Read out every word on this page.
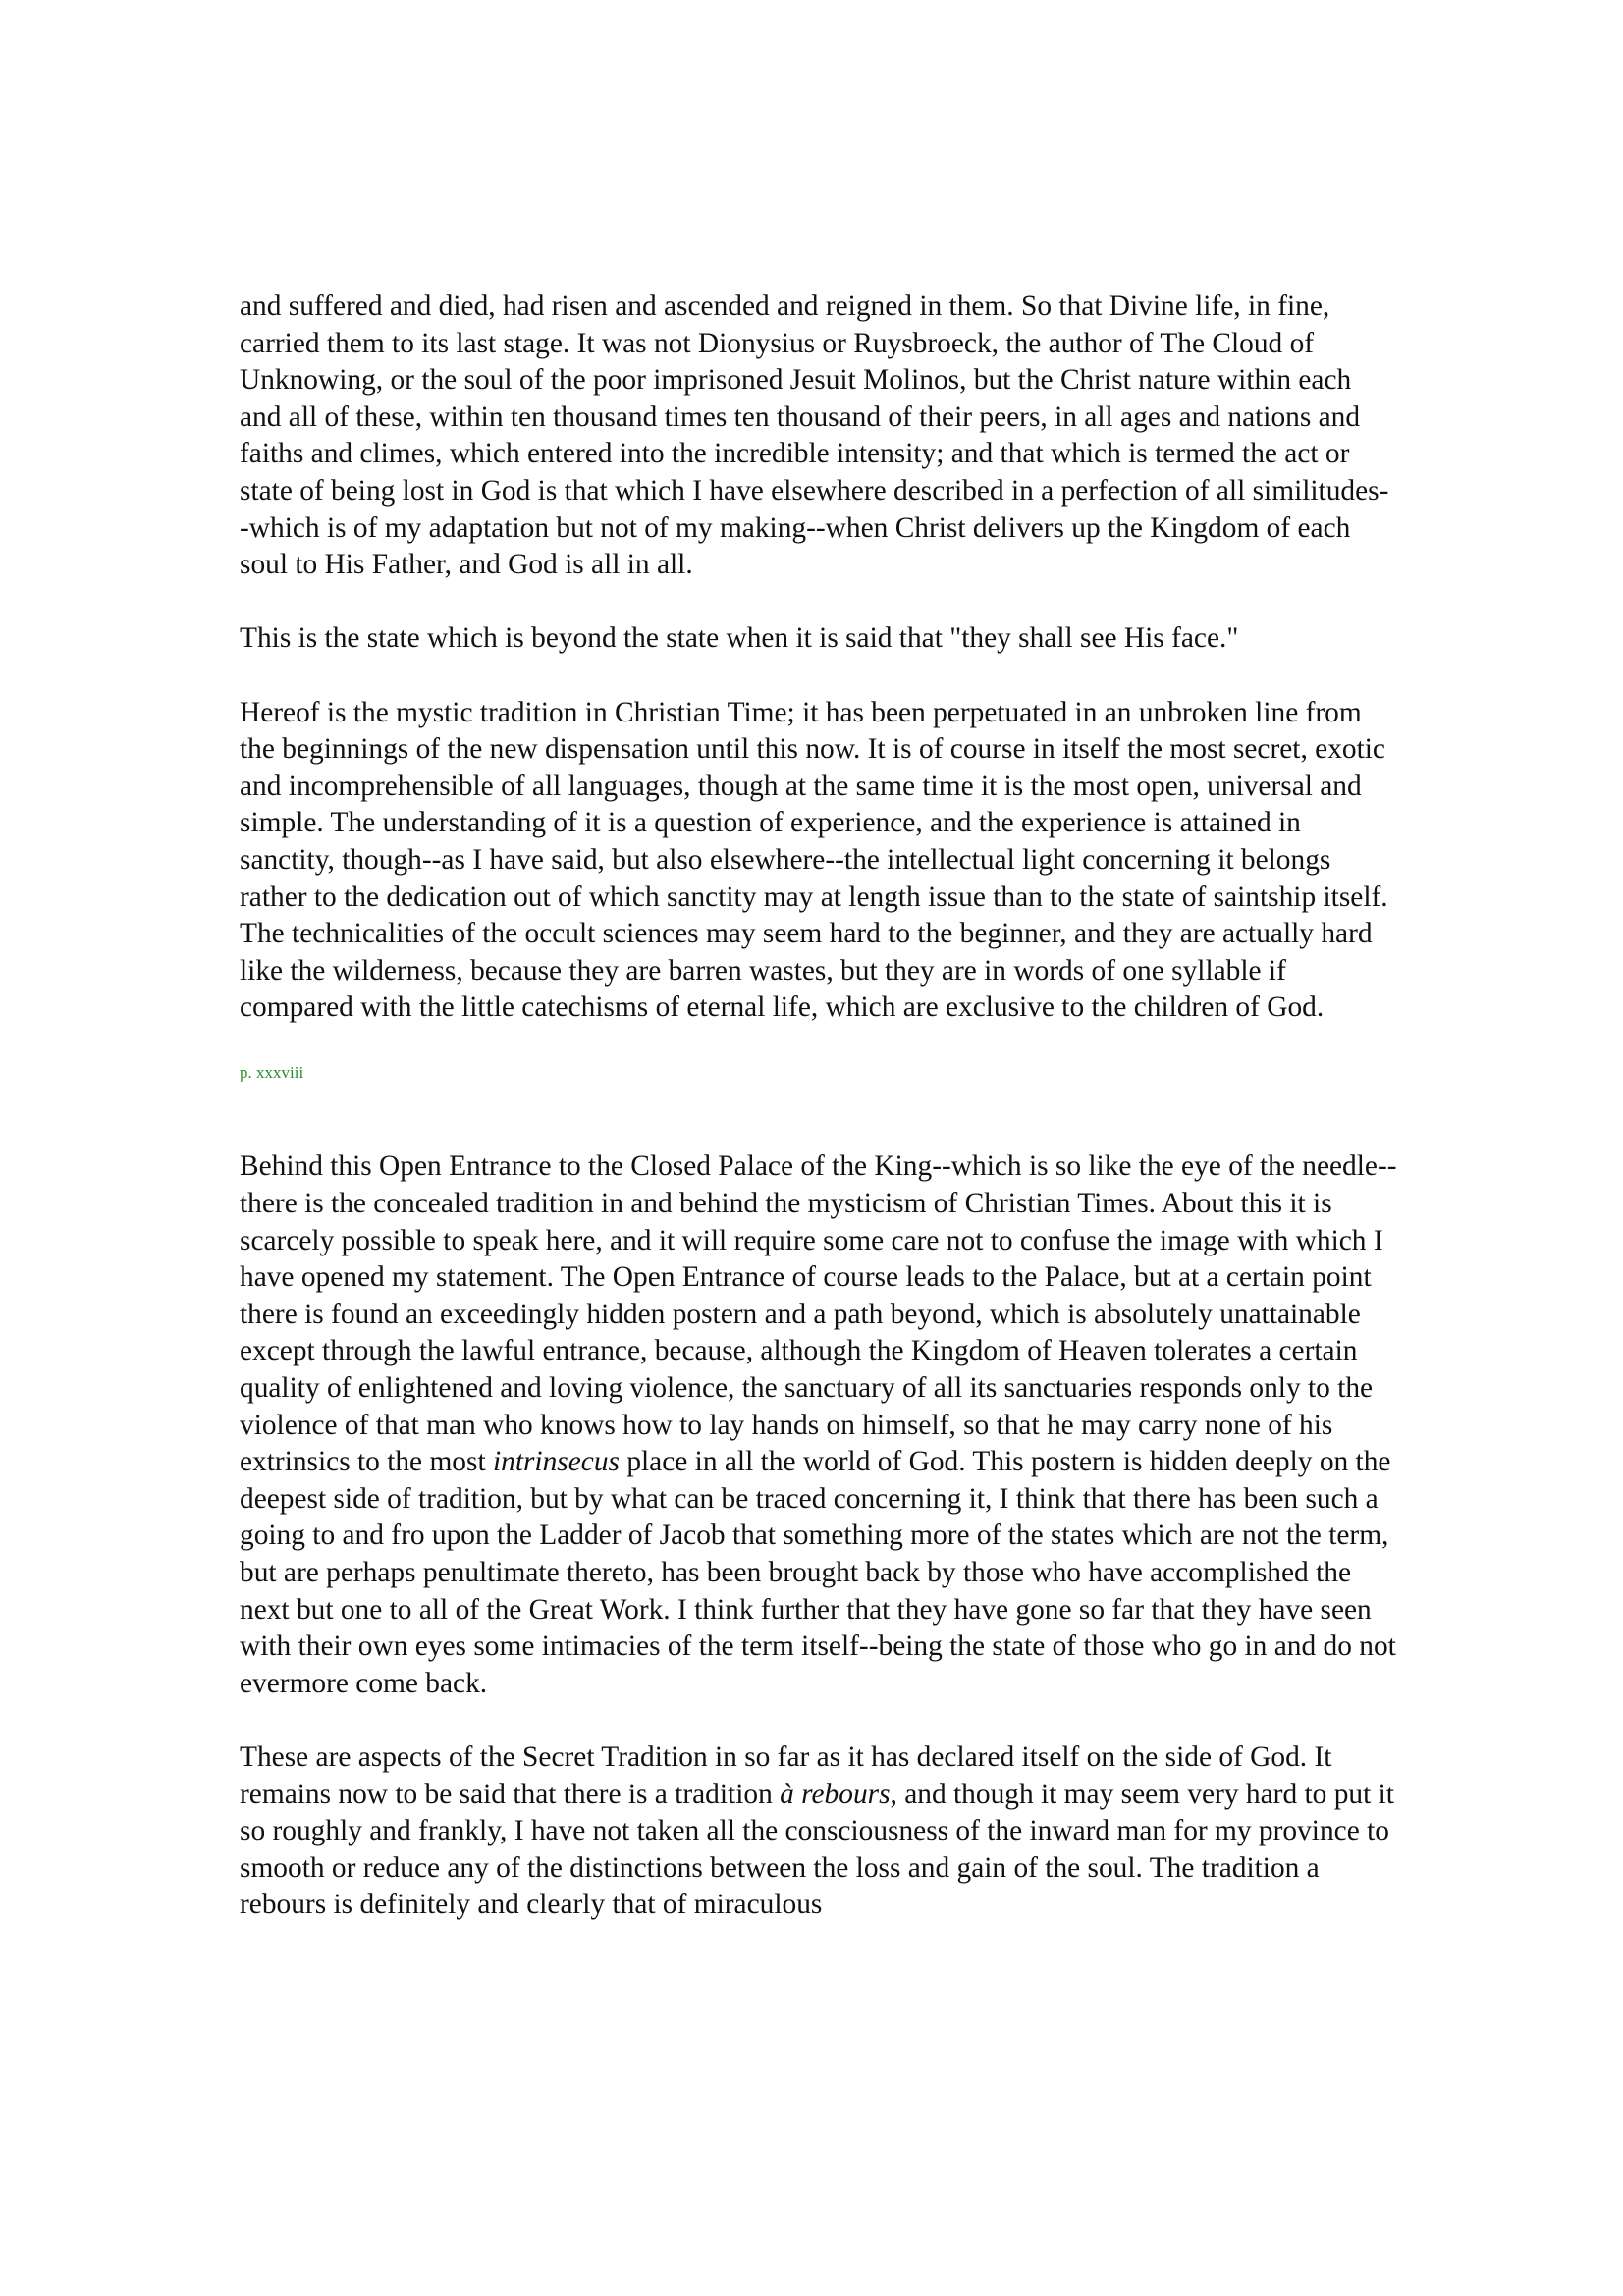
and suffered and died, had risen and ascended and reigned in them. So that Divine life, in fine, carried them to its last stage. It was not Dionysius or Ruysbroeck, the author of The Cloud of Unknowing, or the soul of the poor imprisoned Jesuit Molinos, but the Christ nature within each and all of these, within ten thousand times ten thousand of their peers, in all ages and nations and faiths and climes, which entered into the incredible intensity; and that which is termed the act or state of being lost in God is that which I have elsewhere described in a perfection of all similitudes--which is of my adaptation but not of my making--when Christ delivers up the Kingdom of each soul to His Father, and God is all in all.

This is the state which is beyond the state when it is said that "they shall see His face."

Hereof is the mystic tradition in Christian Time; it has been perpetuated in an unbroken line from the beginnings of the new dispensation until this now. It is of course in itself the most secret, exotic and incomprehensible of all languages, though at the same time it is the most open, universal and simple. The understanding of it is a question of experience, and the experience is attained in sanctity, though--as I have said, but also elsewhere--the intellectual light concerning it belongs rather to the dedication out of which sanctity may at length issue than to the state of saintship itself. The technicalities of the occult sciences may seem hard to the beginner, and they are actually hard like the wilderness, because they are barren wastes, but they are in words of one syllable if compared with the little catechisms of eternal life, which are exclusive to the children of God.

p. xxxviii

Behind this Open Entrance to the Closed Palace of the King--which is so like the eye of the needle--there is the concealed tradition in and behind the mysticism of Christian Times. About this it is scarcely possible to speak here, and it will require some care not to confuse the image with which I have opened my statement. The Open Entrance of course leads to the Palace, but at a certain point there is found an exceedingly hidden postern and a path beyond, which is absolutely unattainable except through the lawful entrance, because, although the Kingdom of Heaven tolerates a certain quality of enlightened and loving violence, the sanctuary of all its sanctuaries responds only to the violence of that man who knows how to lay hands on himself, so that he may carry none of his extrinsics to the most intrinsecus place in all the world of God. This postern is hidden deeply on the deepest side of tradition, but by what can be traced concerning it, I think that there has been such a going to and fro upon the Ladder of Jacob that something more of the states which are not the term, but are perhaps penultimate thereto, has been brought back by those who have accomplished the next but one to all of the Great Work. I think further that they have gone so far that they have seen with their own eyes some intimacies of the term itself--being the state of those who go in and do not evermore come back.

These are aspects of the Secret Tradition in so far as it has declared itself on the side of God. It remains now to be said that there is a tradition à rebours, and though it may seem very hard to put it so roughly and frankly, I have not taken all the consciousness of the inward man for my province to smooth or reduce any of the distinctions between the loss and gain of the soul. The tradition a rebours is definitely and clearly that of miraculous
